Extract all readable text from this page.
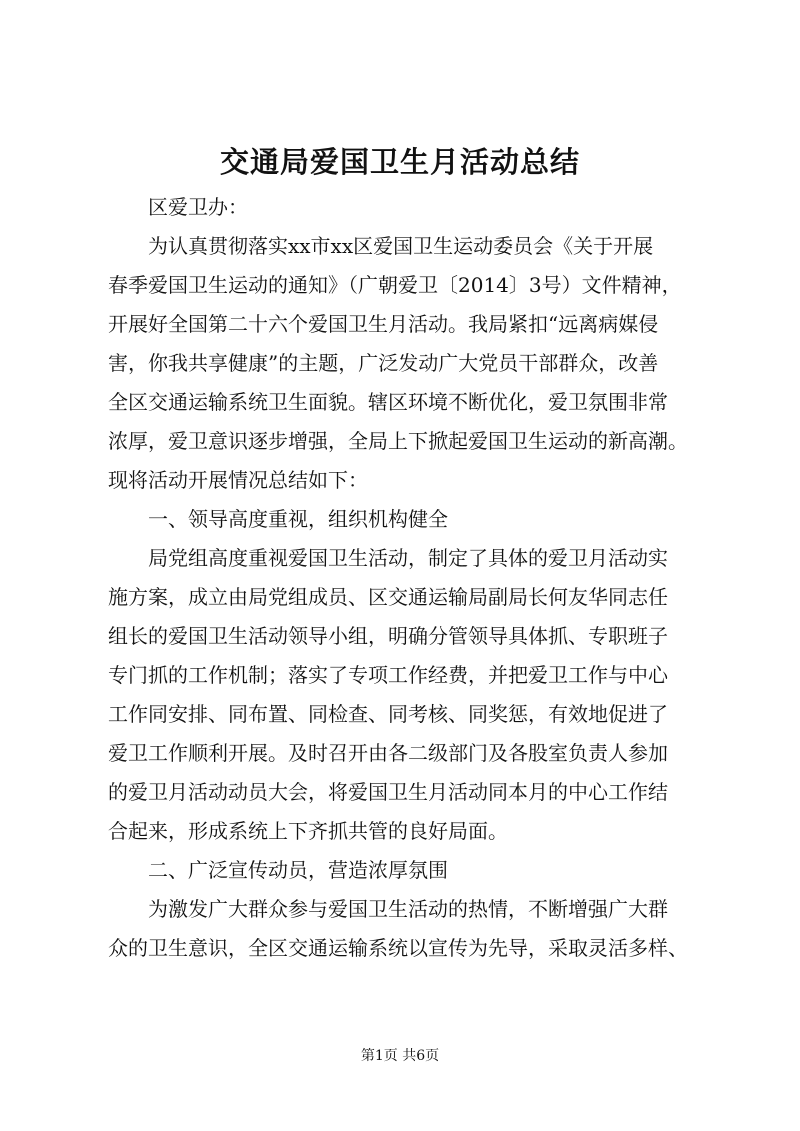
交通局爱国卫生月活动总结
区爱卫办：
为认真贯彻落实xx市xx区爱国卫生运动委员会《关于开展
春季爱国卫生运动的通知》（广朝爱卫〔2014〕3号）文件精神，
开展好全国第二十六个爱国卫生月活动。我局紧扣“远离病媒侵
害，你我共享健康”的主题，广泛发动广大党员干部群众，改善
全区交通运输系统卫生面貌。辖区环境不断优化，爱卫氛围非常
浓厚，爱卫意识逐步增强，全局上下掀起爱国卫生运动的新高潮。
现将活动开展情况总结如下：
一、领导高度重视，组织机构健全
局党组高度重视爱国卫生活动，制定了具体的爱卫月活动实
施方案，成立由局党组成员、区交通运输局副局长何友华同志任
组长的爱国卫生活动领导小组，明确分管领导具体抓、专职班子
专门抓的工作机制；落实了专项工作经费，并把爱卫工作与中心
工作同安排、同布置、同检查、同考核、同奖惩，有效地促进了
爱卫工作顺利开展。及时召开由各二级部门及各股室负责人参加
的爱卫月活动动员大会，将爱国卫生月活动同本月的中心工作结
合起来，形成系统上下齐抓共管的良好局面。
二、广泛宣传动员，营造浓厚氛围
为激发广大群众参与爱国卫生活动的热情，不断增强广大群
众的卫生意识，全区交通运输系统以宣传为先导，采取灵活多样、
第1页 共6页
